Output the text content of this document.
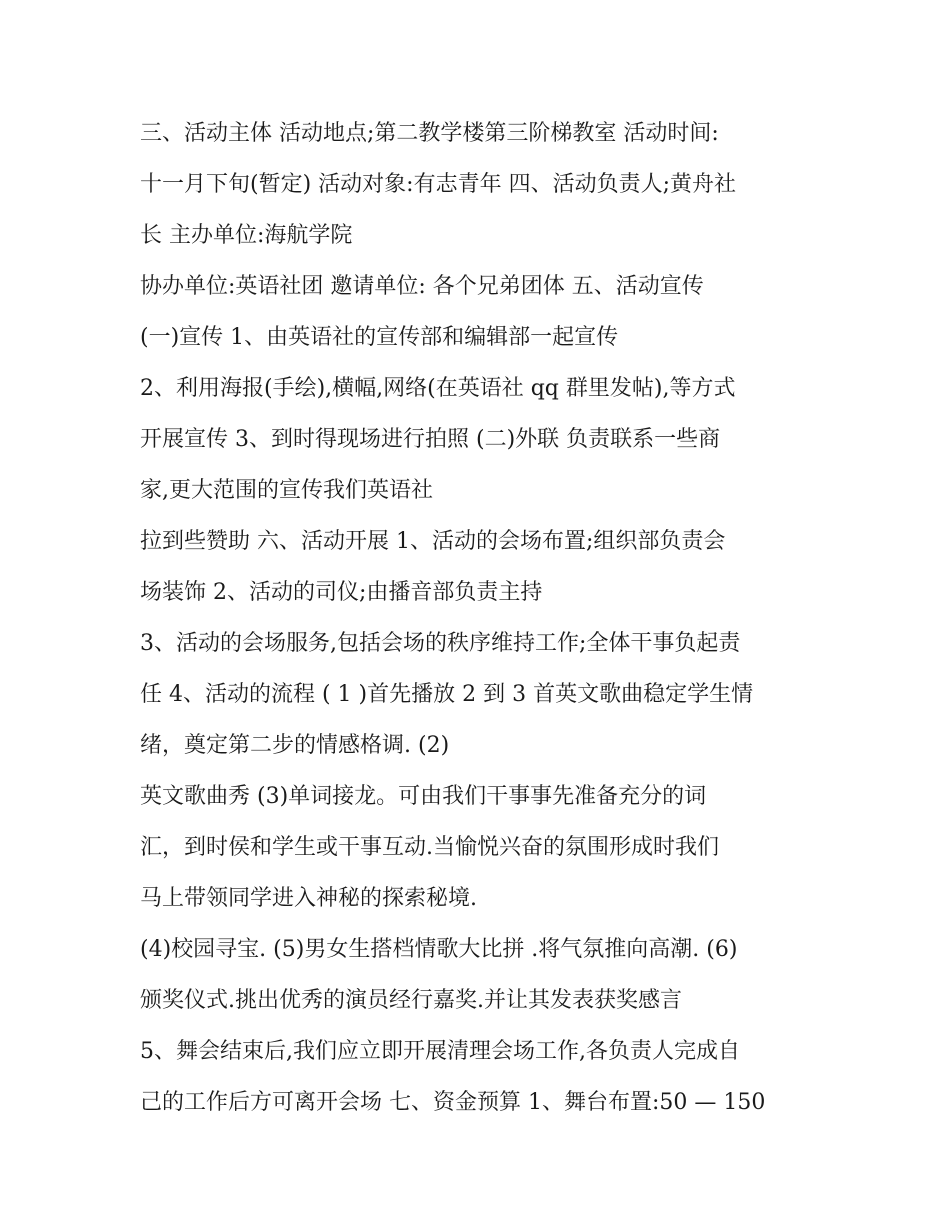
三、活动主体 活动地点;第二教学楼第三阶梯教室 活动时间:
十一月下旬(暂定) 活动对象:有志青年 四、活动负责人;黄舟社
长 主办单位:海航学院
协办单位:英语社团 邀请单位: 各个兄弟团体 五、活动宣传
(一)宣传 1、由英语社的宣传部和编辑部一起宣传
2、利用海报(手绘),横幅,网络(在英语社 qq 群里发帖),等方式
开展宣传 3、到时得现场进行拍照 (二)外联 负责联系一些商
家,更大范围的宣传我们英语社
拉到些赞助 六、活动开展 1、活动的会场布置;组织部负责会
场装饰 2、活动的司仪;由播音部负责主持
3、活动的会场服务,包括会场的秩序维持工作;全体干事负起责
任 4、活动的流程 ( 1 )首先播放 2 到 3 首英文歌曲稳定学生情
绪，奠定第二步的情感格调. (2)
英文歌曲秀 (3)单词接龙。可由我们干事事先准备充分的词
汇，到时侯和学生或干事互动.当愉悦兴奋的氛围形成时我们
马上带领同学进入神秘的探索秘境.
(4)校园寻宝. (5)男女生搭档情歌大比拼 .将气氛推向高潮. (6)
颁奖仪式.挑出优秀的演员经行嘉奖.并让其发表获奖感言
5、舞会结束后,我们应立即开展清理会场工作,各负责人完成自
己的工作后方可离开会场 七、资金预算 1、舞台布置:50 — 150
